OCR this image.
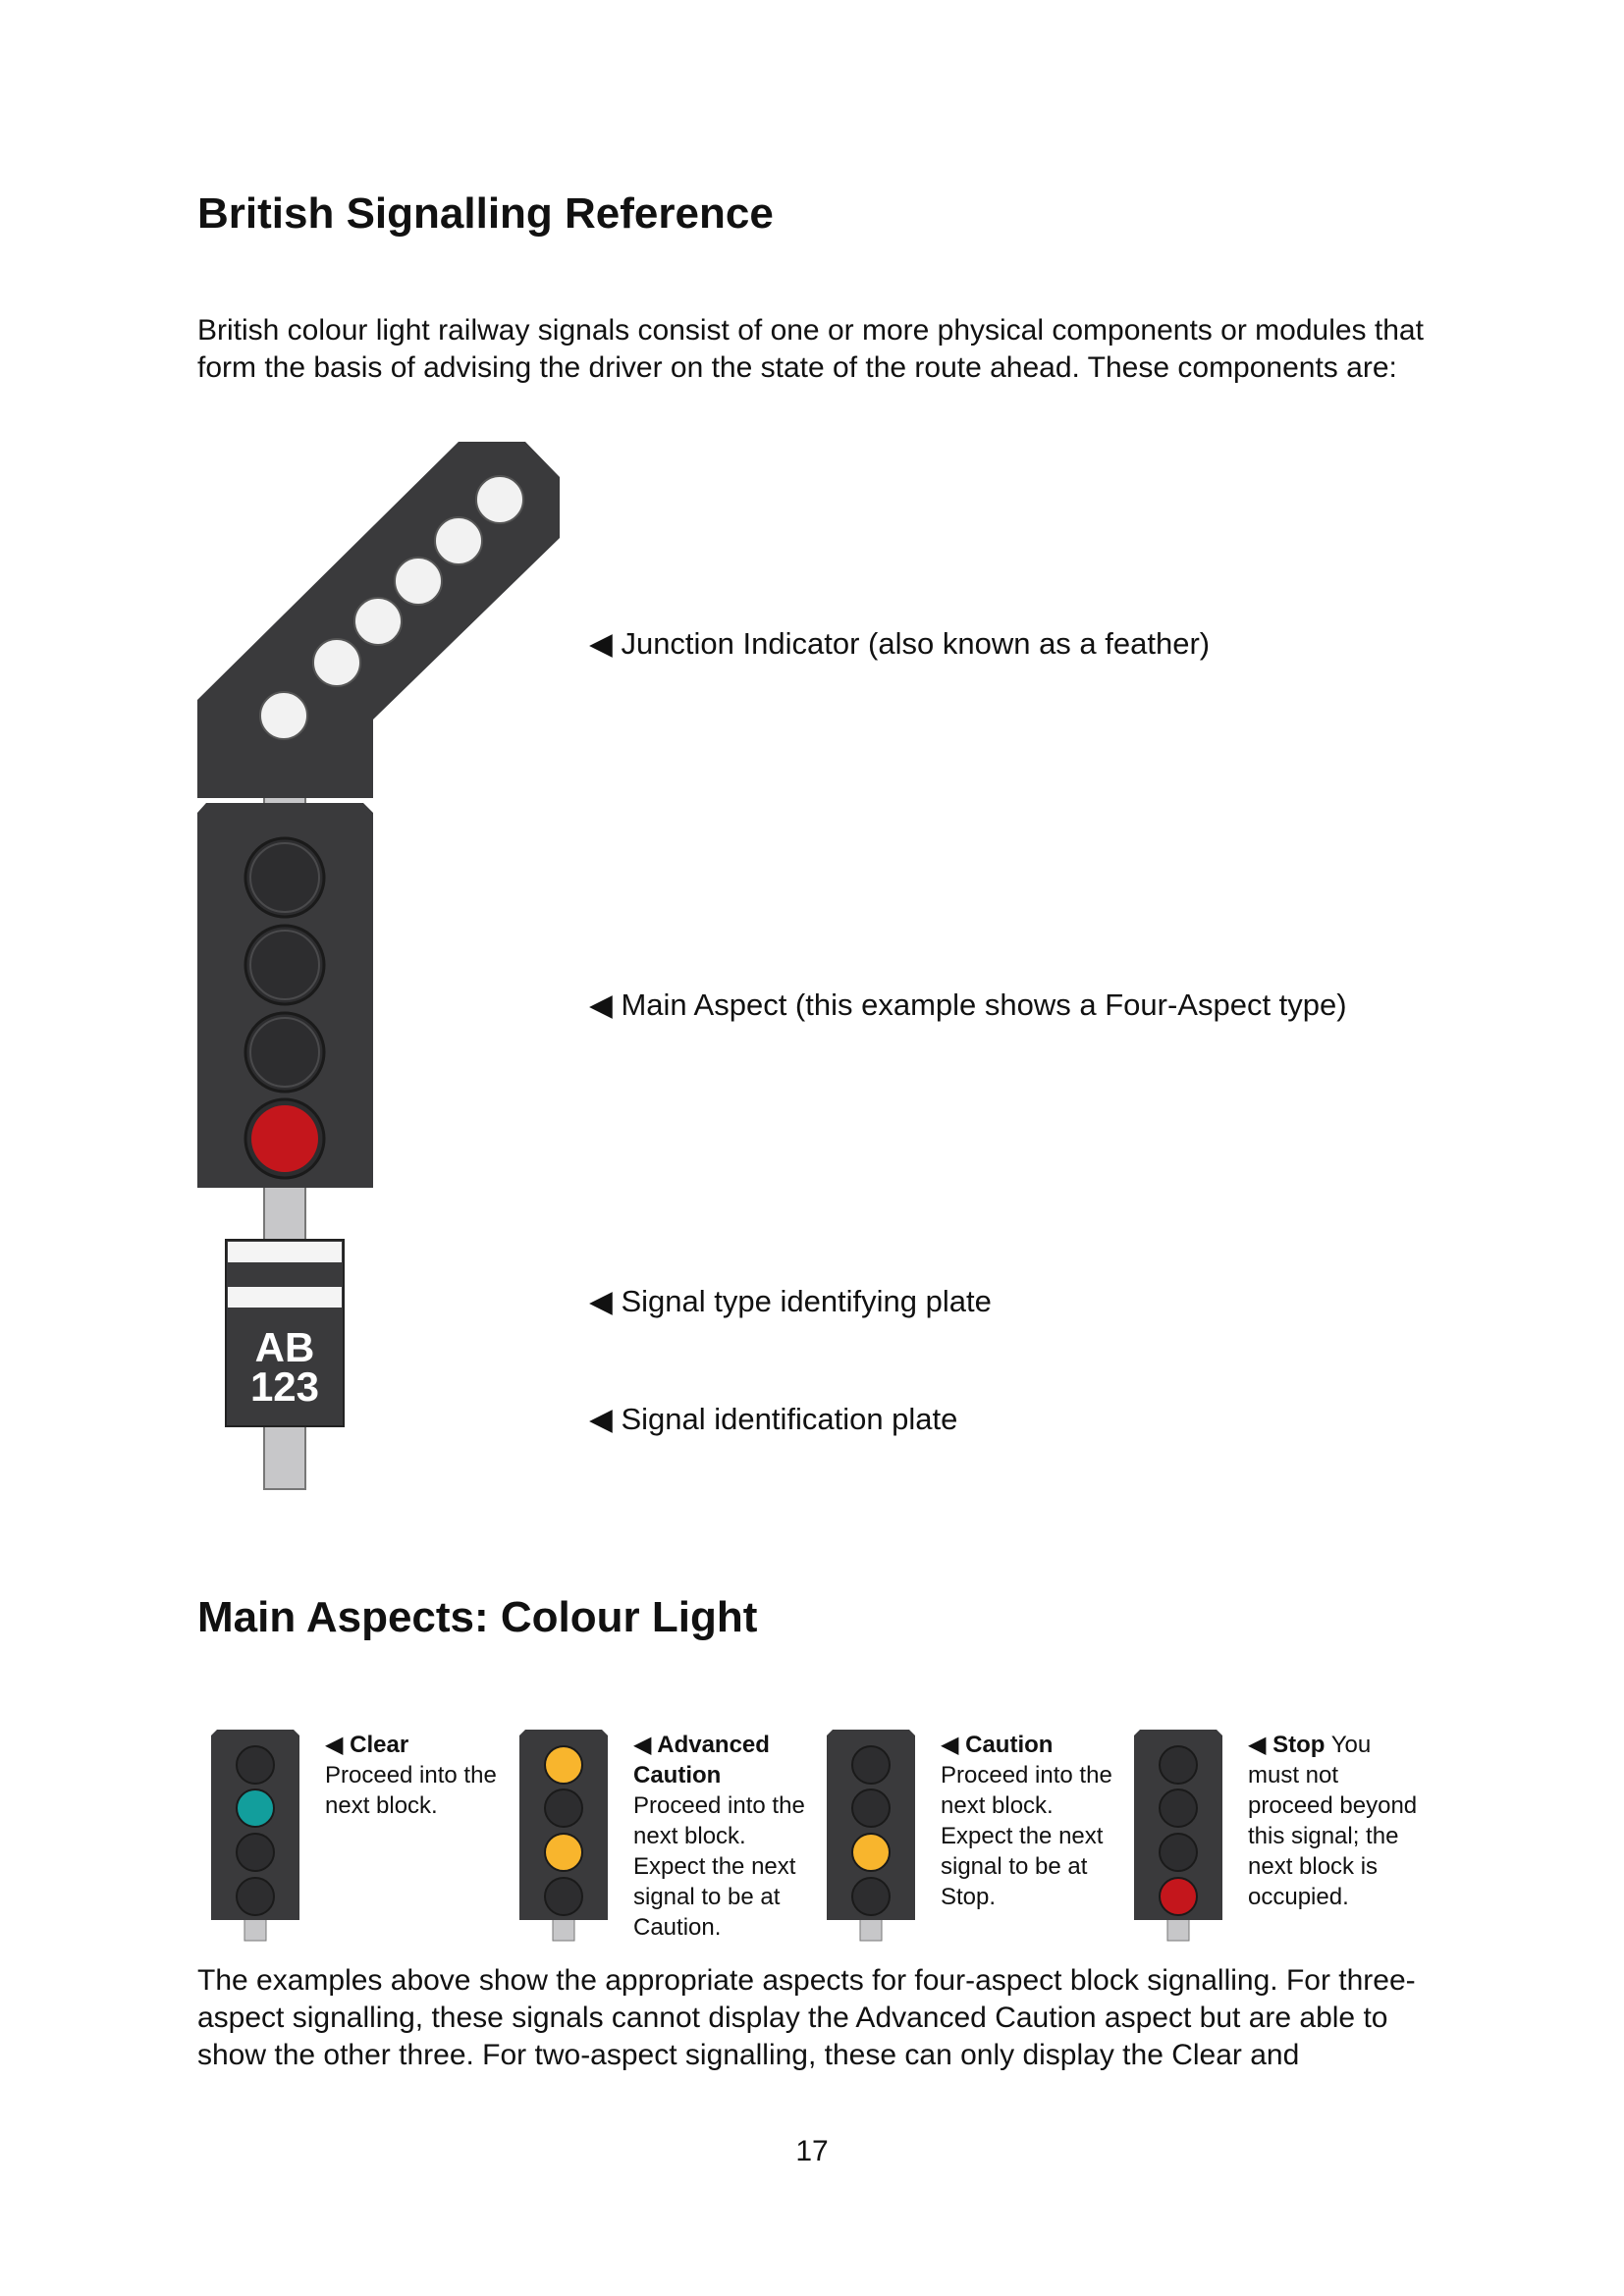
British Signalling Reference

British colour light railway signals consist of one or more physical components or modules that form the basis of advising the driver on the state of the route ahead. These components are:

AB
123
◀ Junction Indicator (also known as a feather)
◀ Main Aspect (this example shows a Four-Aspect type)
◀ Signal type identifying plate
◀ Signal identification plate
Main Aspects: Colour Light
◀ Clear Proceed into the next block.
◀ Advanced Caution Proceed into the next block. Expect the next signal to be at Caution.
◀ Caution Proceed into the next block. Expect the next signal to be at Stop.
◀ Stop You must not proceed beyond this signal; the next block is occupied.

The examples above show the appropriate aspects for four-aspect block signalling. For three-aspect signalling, these signals cannot display the Advanced Caution aspect but are able to show the other three. For two-aspect signalling, these can only display the Clear and

17
